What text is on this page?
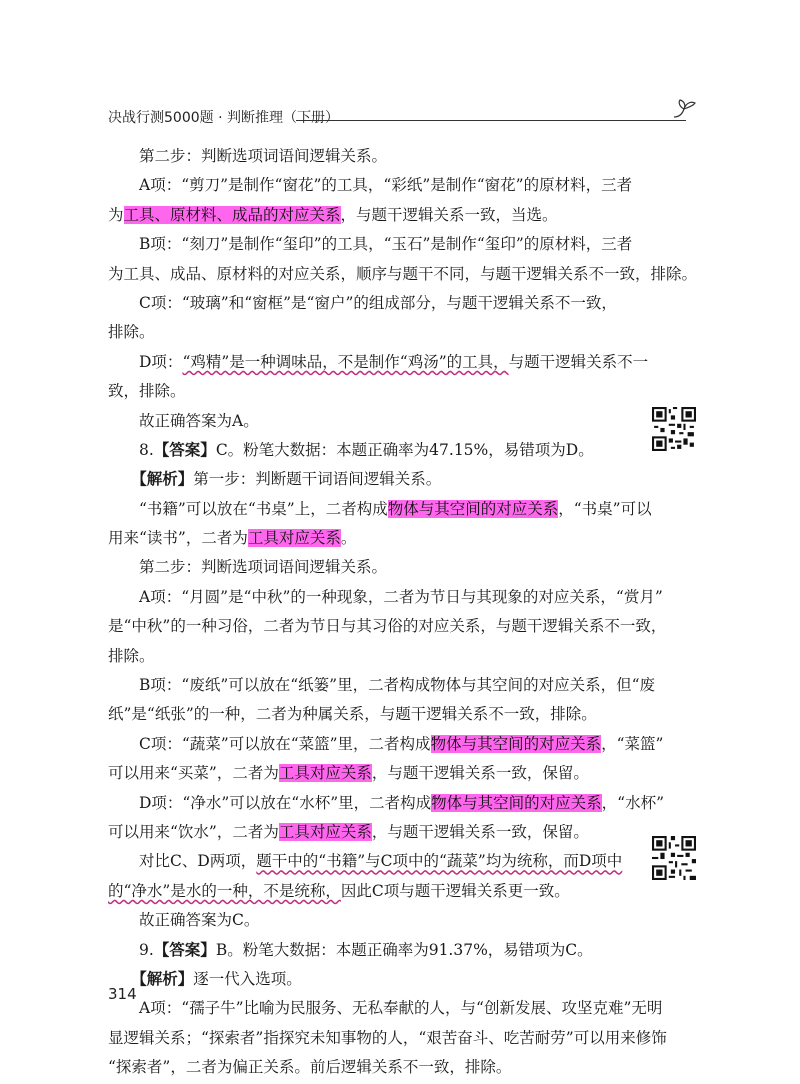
决战行测5000题 · 判断推理（下册）
　　第二步：判断选项词语间逻辑关系。
　　A项：“剪刀”是制作“窗花”的工具，“彩纸”是制作“窗花”的原材料，三者
为工具、原材料、成品的对应关系，与题干逻辑关系一致，当选。
　　B项：“刻刀”是制作“玺印”的工具，“玉石”是制作“玺印”的原材料，三者
为工具、成品、原材料的对应关系，顺序与题干不同，与题干逻辑关系不一致，排除。
　　C项：“玻璃”和“窗框”是“窗户”的组成部分，与题干逻辑关系不一致，
排除。
　　D项：“鸡精”是一种调味品，不是制作“鸡汤”的工具，与题干逻辑关系不一
致，排除。
　　故正确答案为A。
　　8.【答案】C。粉笔大数据：本题正确率为47.15%，易错项为D。
　　【解析】第一步：判断题干词语间逻辑关系。
　　“书籍”可以放在“书桌”上，二者构成物体与其空间的对应关系，“书桌”可以
用来“读书”，二者为工具对应关系。
　　第二步：判断选项词语间逻辑关系。
　　A项：“月圆”是“中秋”的一种现象，二者为节日与其现象的对应关系，“赏月”
是“中秋”的一种习俗，二者为节日与其习俗的对应关系，与题干逻辑关系不一致，
排除。
　　B项：“废纸”可以放在“纸篓”里，二者构成物体与其空间的对应关系，但“废
纸”是“纸张”的一种，二者为种属关系，与题干逻辑关系不一致，排除。
　　C项：“蔬菜”可以放在“菜篮”里，二者构成物体与其空间的对应关系，“菜篮”
可以用来“买菜”，二者为工具对应关系，与题干逻辑关系一致，保留。
　　D项：“净水”可以放在“水杯”里，二者构成物体与其空间的对应关系，“水杯”
可以用来“饮水”，二者为工具对应关系，与题干逻辑关系一致，保留。
　　对比C、D两项，题干中的“书籍”与C项中的“蔬菜”均为统称，而D项中
的“净水”是水的一种，不是统称，因此C项与题干逻辑关系更一致。
　　故正确答案为C。
　　9.【答案】B。粉笔大数据：本题正确率为91.37%，易错项为C。
　　【解析】逐一代入选项。
　　A项：“孺子牛”比喻为民服务、无私奉献的人，与“创新发展、攻坚克难”无明
显逻辑关系；“探索者”指探究未知事物的人，“艰苦奋斗、吃苦耐劳”可以用来修饰
“探索者”，二者为偏正关系。前后逻辑关系不一致，排除。
314
